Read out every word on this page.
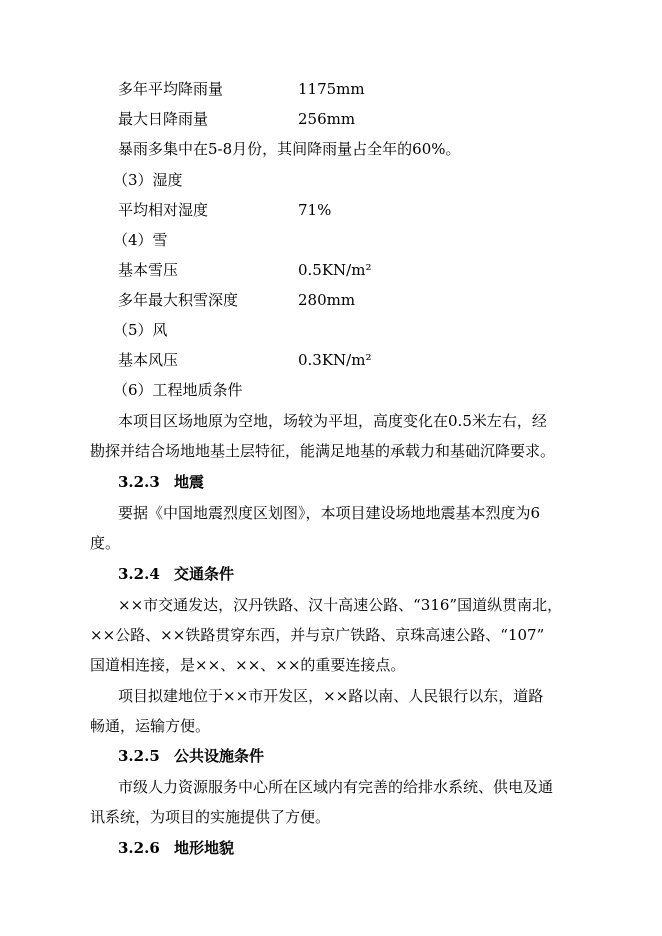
多年平均降雨量	1175mm
最大日降雨量	256mm
暴雨多集中在5-8月份，其间降雨量占全年的60%。
（3）湿度
平均相对湿度	71%
（4）雪
基本雪压	0.5KN/m²
多年最大积雪深度	280mm
（5）风
基本风压	0.3KN/m²
（6）工程地质条件
本项目区场地原为空地，场较为平坦，高度变化在0.5米左右，经
勘探并结合场地地基土层特征，能满足地基的承载力和基础沉降要求。
3.2.3 地震
要据《中国地震烈度区划图》，本项目建设场地地震基本烈度为6
度。
3.2.4 交通条件
××市交通发达，汉丹铁路、汉十高速公路、“316”国道纵贯南北，
××公路、××铁路贯穿东西，并与京广铁路、京珠高速公路、“107”
国道相连接，是××、××、××的重要连接点。
项目拟建地位于××市开发区，××路以南、人民银行以东，道路
畅通，运输方便。
3.2.5 公共设施条件
市级人力资源服务中心所在区域内有完善的给排水系统、供电及通
讯系统，为项目的实施提供了方便。
3.2.6 地形地貌
